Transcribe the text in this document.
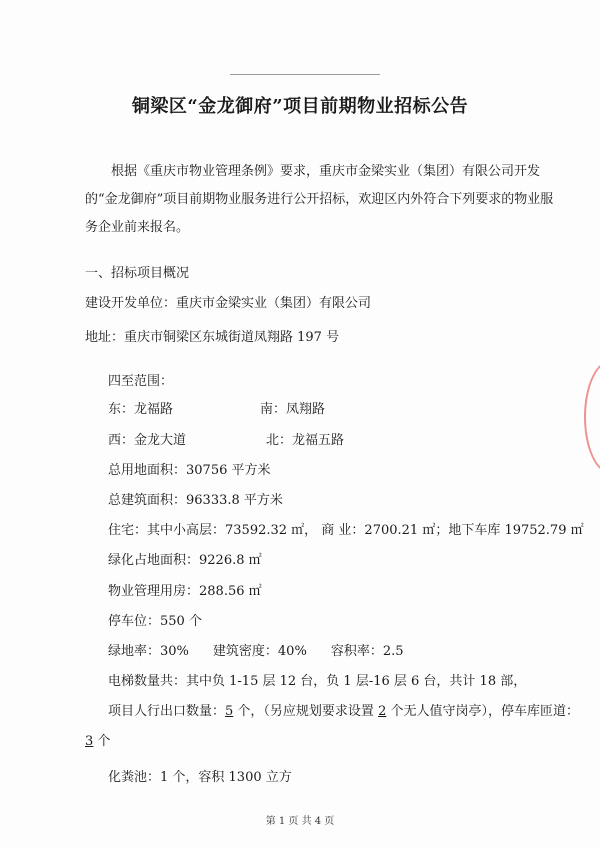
铜梁区“金龙御府”项目前期物业招标公告
根据《重庆市物业管理条例》要求，重庆市金梁实业（集团）有限公司开发的“金龙御府”项目前期物业服务进行公开招标，欢迎区内外符合下列要求的物业服务企业前来报名。
一、招标项目概况
建设开发单位：重庆市金梁实业（集团）有限公司
地址：重庆市铜梁区东城街道凤翔路 197 号
四至范围：
东：龙福路	南：凤翔路
西：金龙大道	北：龙福五路
总用地面积：30756 平方米
总建筑面积：96333.8 平方米
住宅：其中小高层：73592.32 ㎡， 商 业：2700.21 ㎡；地下车库 19752.79 ㎡
绿化占地面积：9226.8 ㎡
物业管理用房：288.56 ㎡
停车位：550 个
绿地率：30% 建筑密度：40% 容积率：2.5
电梯数量共：其中负 1-15 层 12 台，负 1 层-16 层 6 台，共计 18 部，
项目人行出口数量：5 个，（另应规划要求设置 2 个无人值守岗亭），停车库匝道：
3 个
化粪池：1 个，容积 1300 立方
第 1 页 共 4 页
